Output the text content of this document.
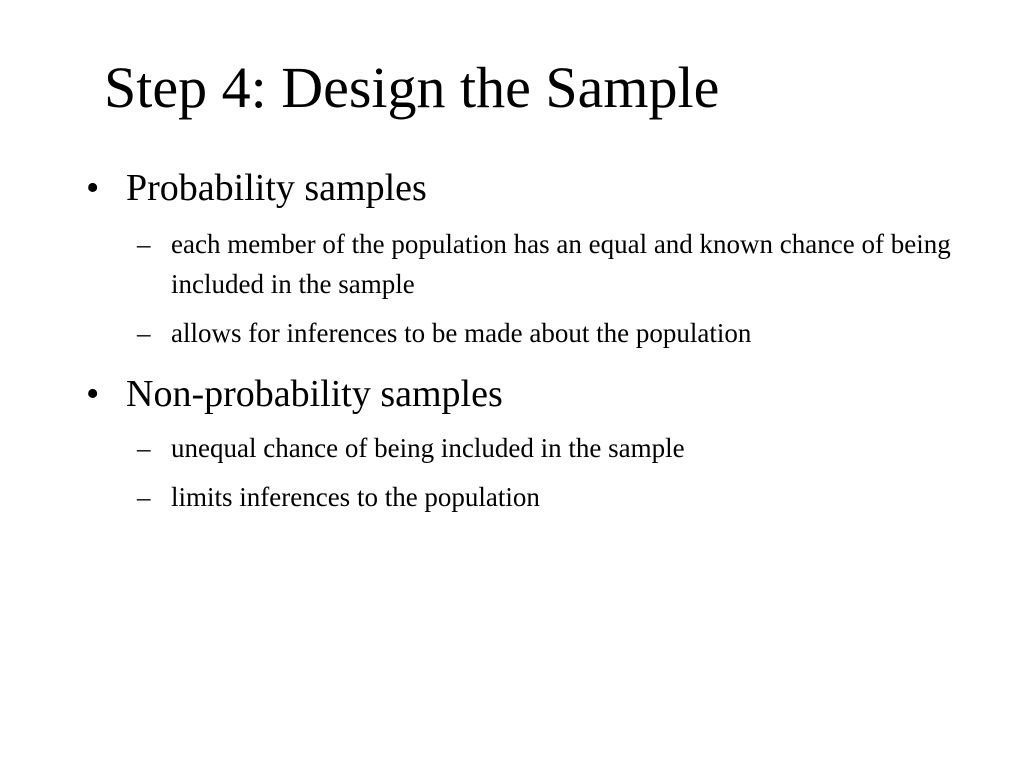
Step 4: Design the Sample
• Probability samples
– each member of the population has an equal and known chance of being included in the sample
– allows for inferences to be made about the population
• Non-probability samples
– unequal chance of being included in the sample
– limits inferences to the population
